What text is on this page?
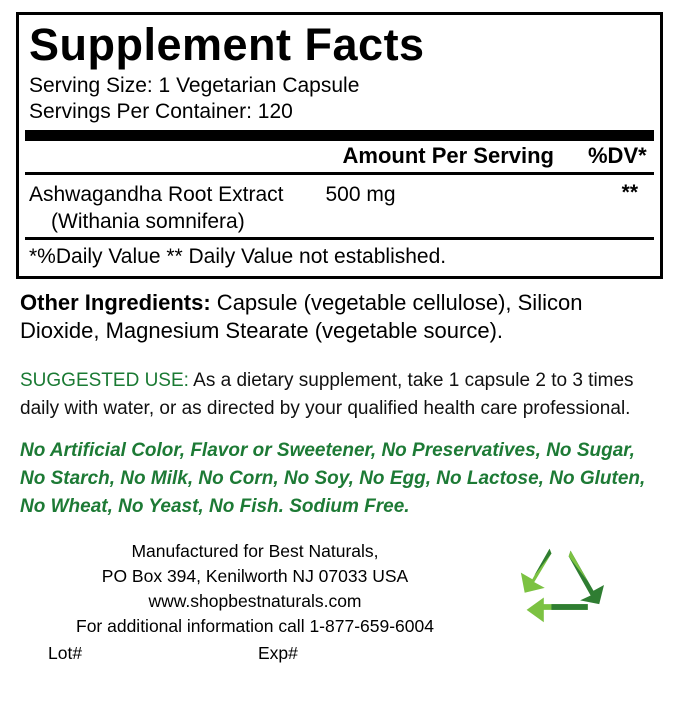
Supplement Facts
Serving Size: 1 Vegetarian Capsule
Servings Per Container: 120
Amount Per Serving %DV*
Ashwagandha Root Extract 500 mg
(Withania somnifera)
**
*%Daily Value ** Daily Value not established.
Other Ingredients: Capsule (vegetable cellulose), Silicon Dioxide, Magnesium Stearate (vegetable source).
SUGGESTED USE: As a dietary supplement, take 1 capsule 2 to 3 times daily with water, or as directed by your qualified health care professional.
No Artificial Color, Flavor or Sweetener, No Preservatives, No Sugar, No Starch, No Milk, No Corn, No Soy, No Egg, No Lactose, No Gluten, No Wheat, No Yeast, No Fish. Sodium Free.
Manufactured for Best Naturals,
PO Box 394, Kenilworth NJ 07033 USA
www.shopbestnaturals.com
For additional information call 1-877-659-6004
Lot#	Exp#
